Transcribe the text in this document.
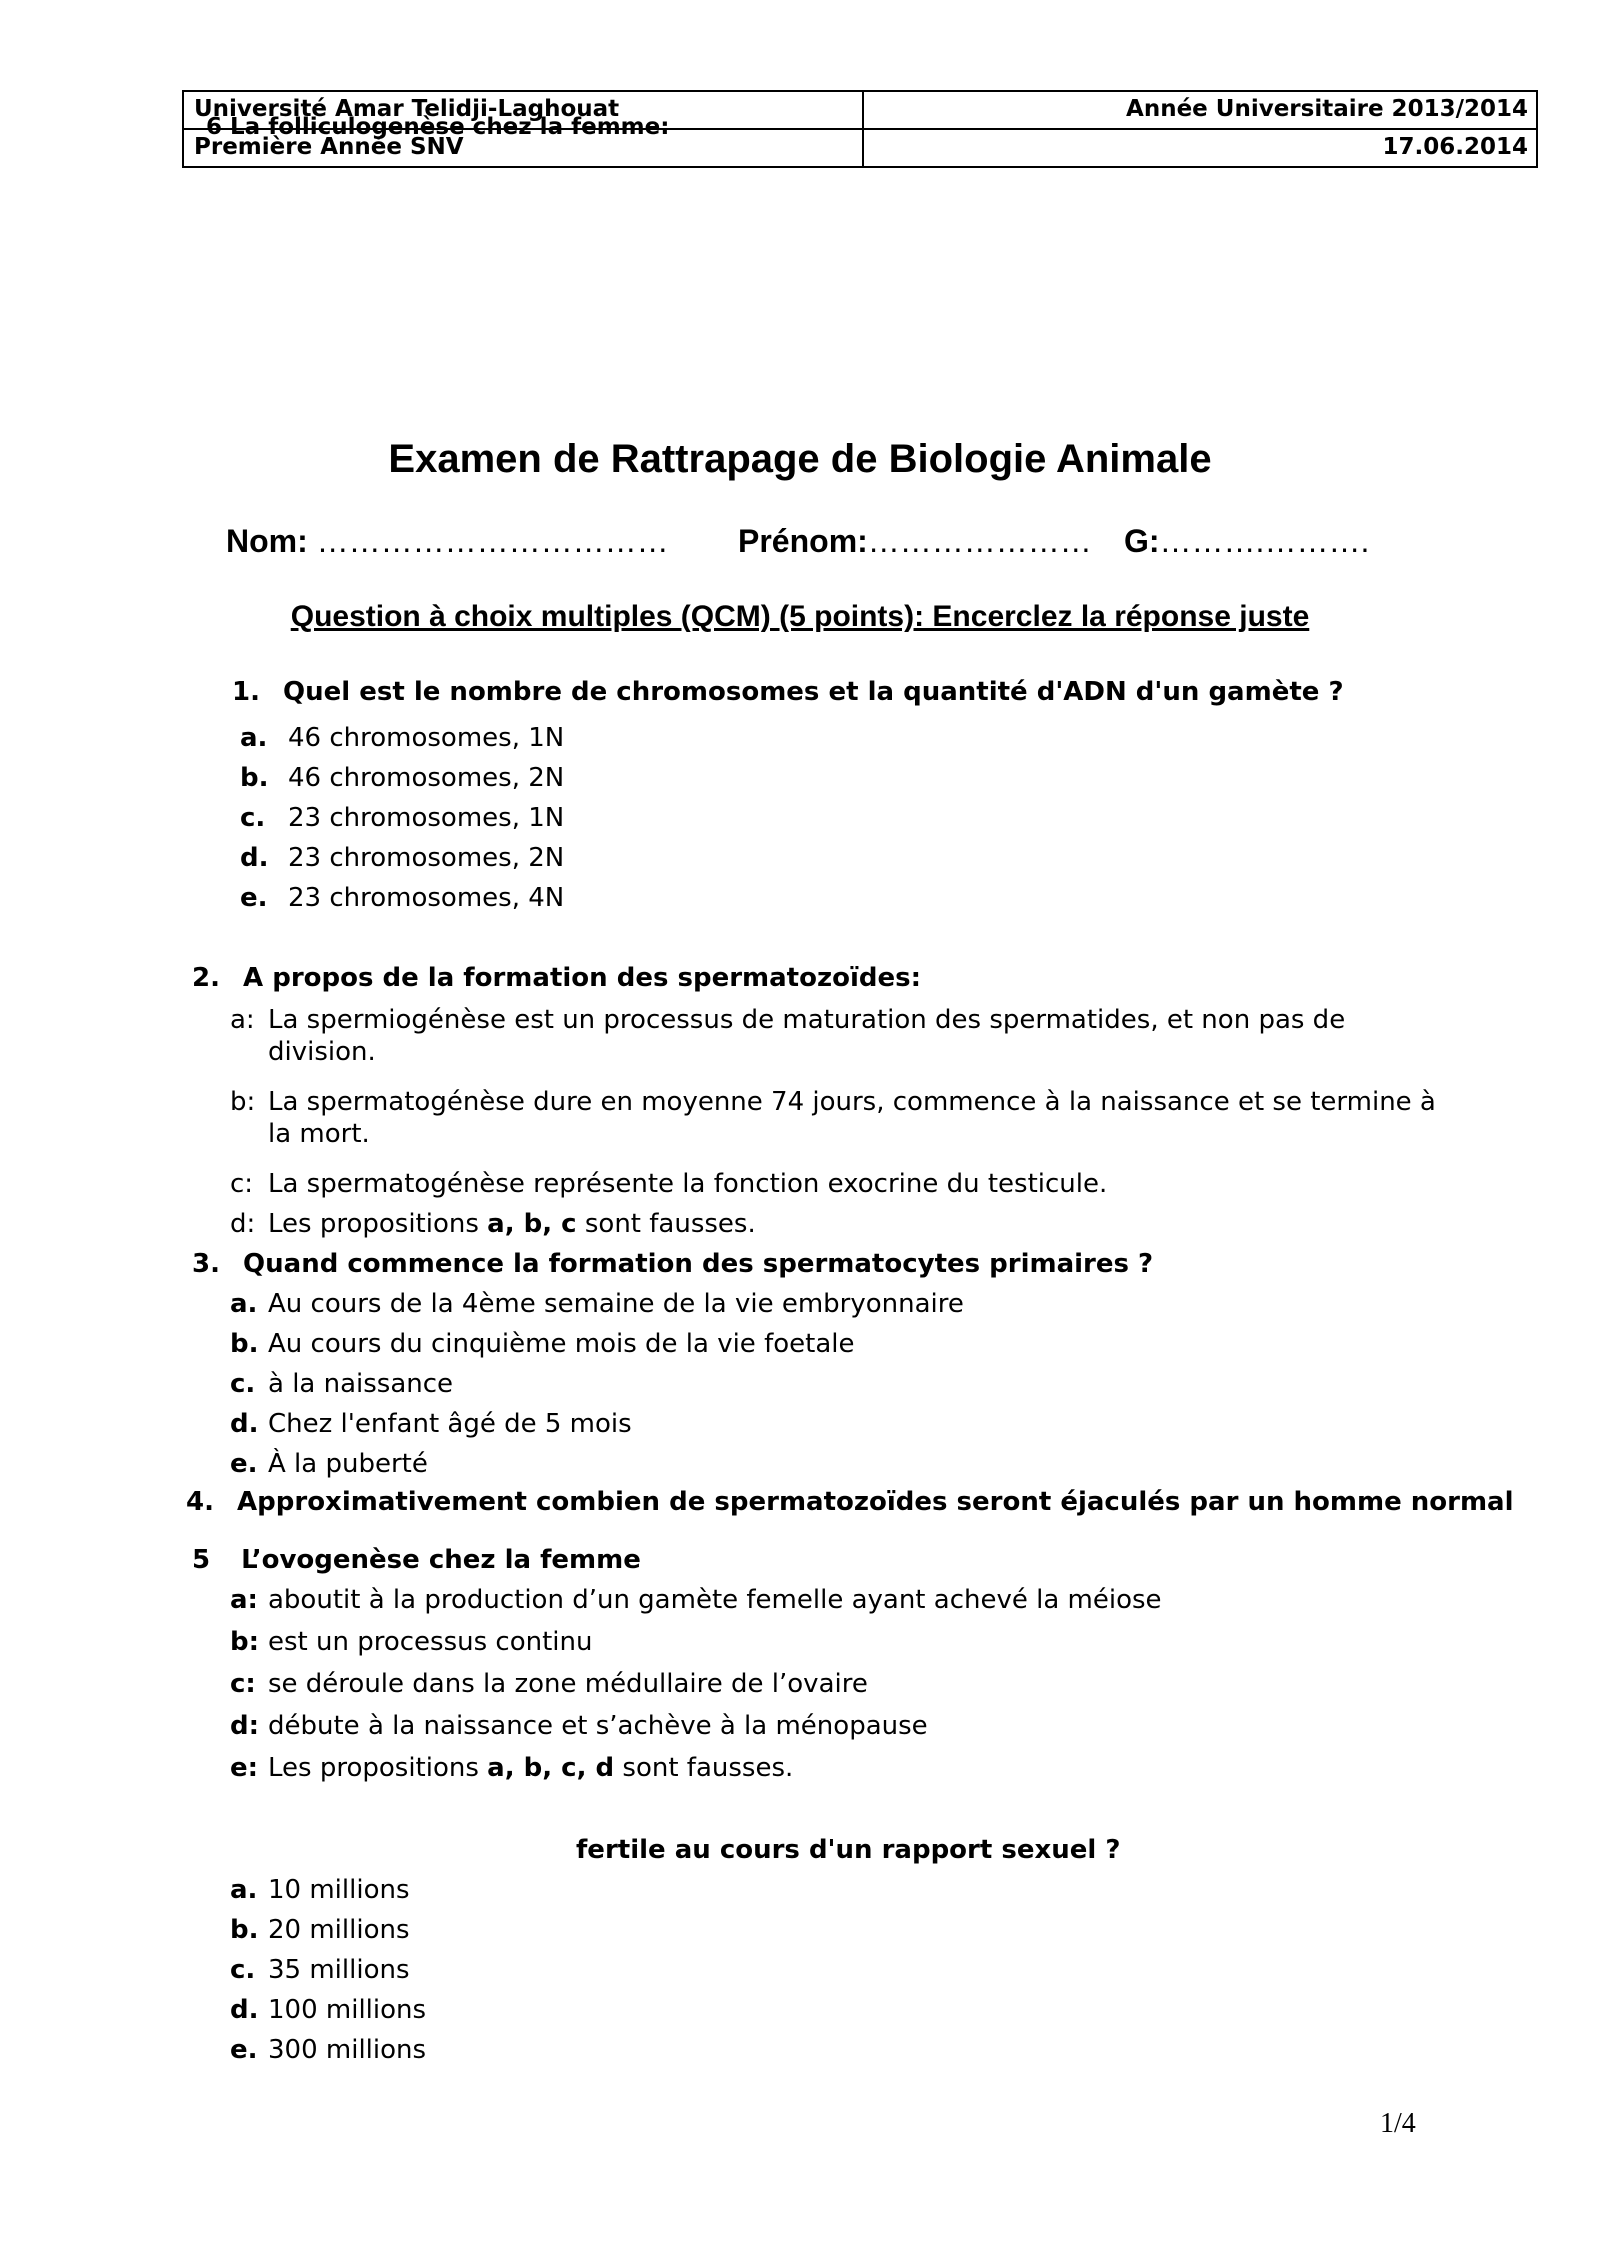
Université Amar Telidji-Laghouat
Première Année SNV
Année Universitaire 2013/2014
17.06.2014
6 La folliculogenèse chez la femme:
Examen de Rattrapage de Biologie Animale
Nom: …………………………… Prénom:………………… G:……….……….
Question à choix multiples (QCM) (5 points): Encerclez la réponse juste
1. Quel est le nombre de chromosomes et la quantité d'ADN d'un gamète ?
a. 46 chromosomes, 1N
b. 46 chromosomes, 2N
c. 23 chromosomes, 1N
d. 23 chromosomes, 2N
e. 23 chromosomes, 4N
2. A propos de la formation des spermatozoïdes:
a: La spermiogénèse est un processus de maturation des spermatides, et non pas de division.
b: La spermatogénèse dure en moyenne 74 jours, commence à la naissance et se termine à la mort.
c: La spermatogénèse représente la fonction exocrine du testicule.
d: Les propositions a, b, c sont fausses.
3. Quand commence la formation des spermatocytes primaires ?
a. Au cours de la 4ème semaine de la vie embryonnaire
b. Au cours du cinquième mois de la vie foetale
c. à la naissance
d. Chez l'enfant âgé de 5 mois
e. À la puberté
4. Approximativement combien de spermatozoïdes seront éjaculés par un homme normal
5 L’ovogenèse chez la femme
a: aboutit à la production d’un gamète femelle ayant achevé la méiose
b: est un processus continu
c: se déroule dans la zone médullaire de l’ovaire
d: débute à la naissance et s’achève à la ménopause
e: Les propositions a, b, c, d sont fausses.
fertile au cours d'un rapport sexuel ?
a. 10 millions
b. 20 millions
c. 35 millions
d. 100 millions
e. 300 millions
1/4
